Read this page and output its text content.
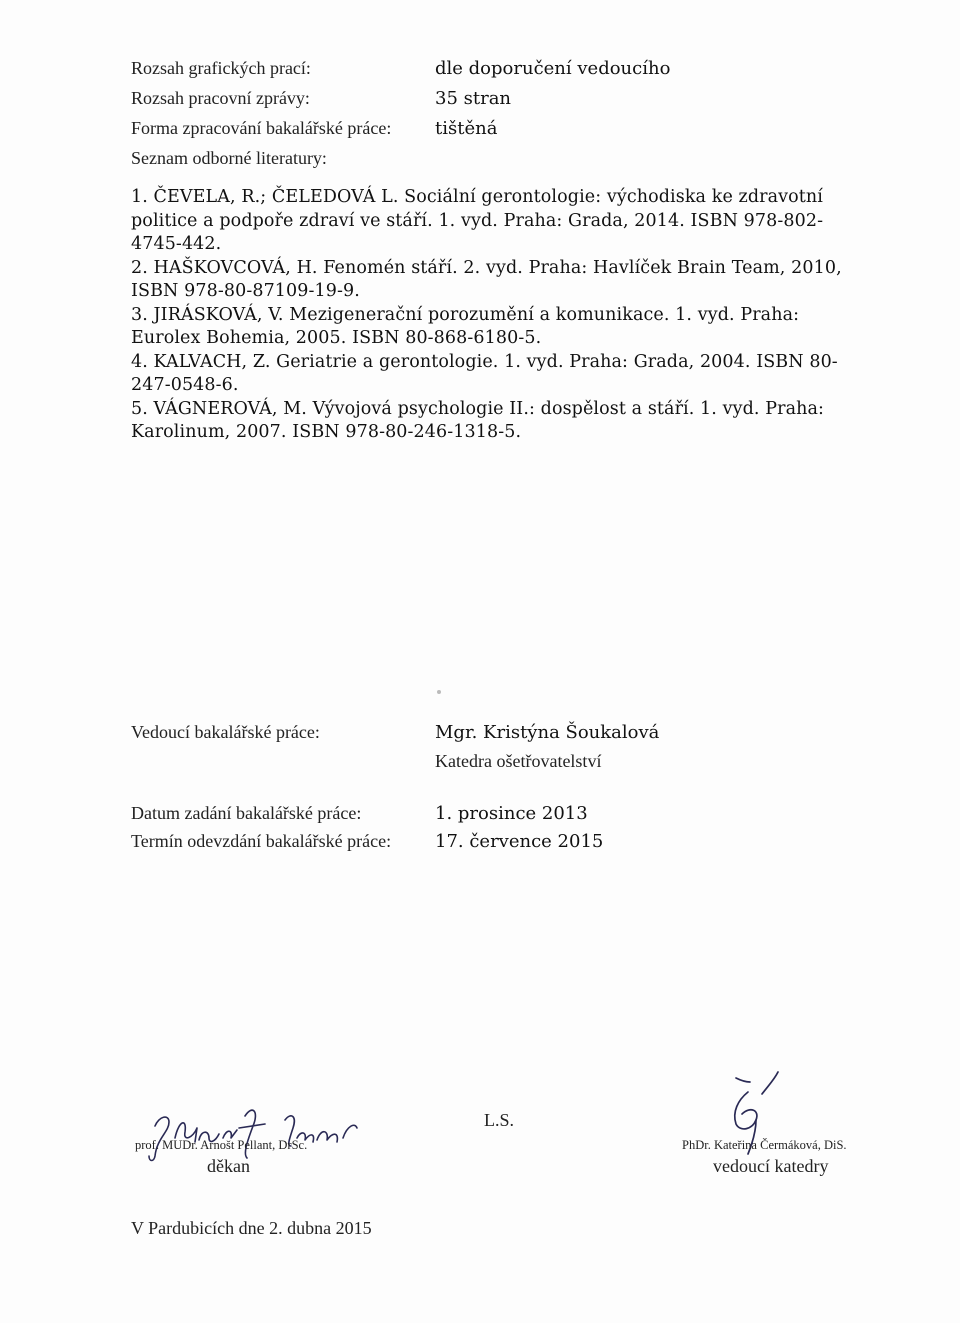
Rozsah grafických prací:	dle doporučení vedoucího
Rozsah pracovní zprávy:	35 stran
Forma zpracování bakalářské práce: tištěná
Seznam odborné literatury:

1. ČEVELA, R.; ČELEDOVÁ L. Sociální gerontologie: východiska ke zdravotní politice a podpoře zdraví ve stáří. 1. vyd. Praha: Grada, 2014. ISBN 978-802-4745-442.

2. HAŠKOVCOVÁ, H. Fenomén stáří. 2. vyd. Praha: Havlíček Brain Team, 2010, ISBN 978-80-87109-19-9.

3. JIRÁSKOVÁ, V. Mezigenerační porozumění a komunikace. 1. vyd. Praha: Eurolex Bohemia, 2005. ISBN 80-868-6180-5.

4. KALVACH, Z. Geriatrie a gerontologie. 1. vyd. Praha: Grada, 2004. ISBN 80-247-0548-6.

5. VÁGNEROVÁ, M. Vývojová psychologie II.: dospělost a stáří. 1. vyd. Praha: Karolinum, 2007. ISBN 978-80-246-1318-5.

Vedoucí bakalářské práce:	Mgr. Kristýna Šoukalová
Katedra ošetřovatelství
Datum zadání bakalářské práce:	1. prosince 2013
Termín odevzdání bakalářské práce: 17. července 2015
prof. MUDr. Arnošt Pellant, DrSc.
děkan
L.S.
PhDr. Kateřina Čermáková, DiS.
vedoucí katedry
V Pardubicích dne 2. dubna 2015
